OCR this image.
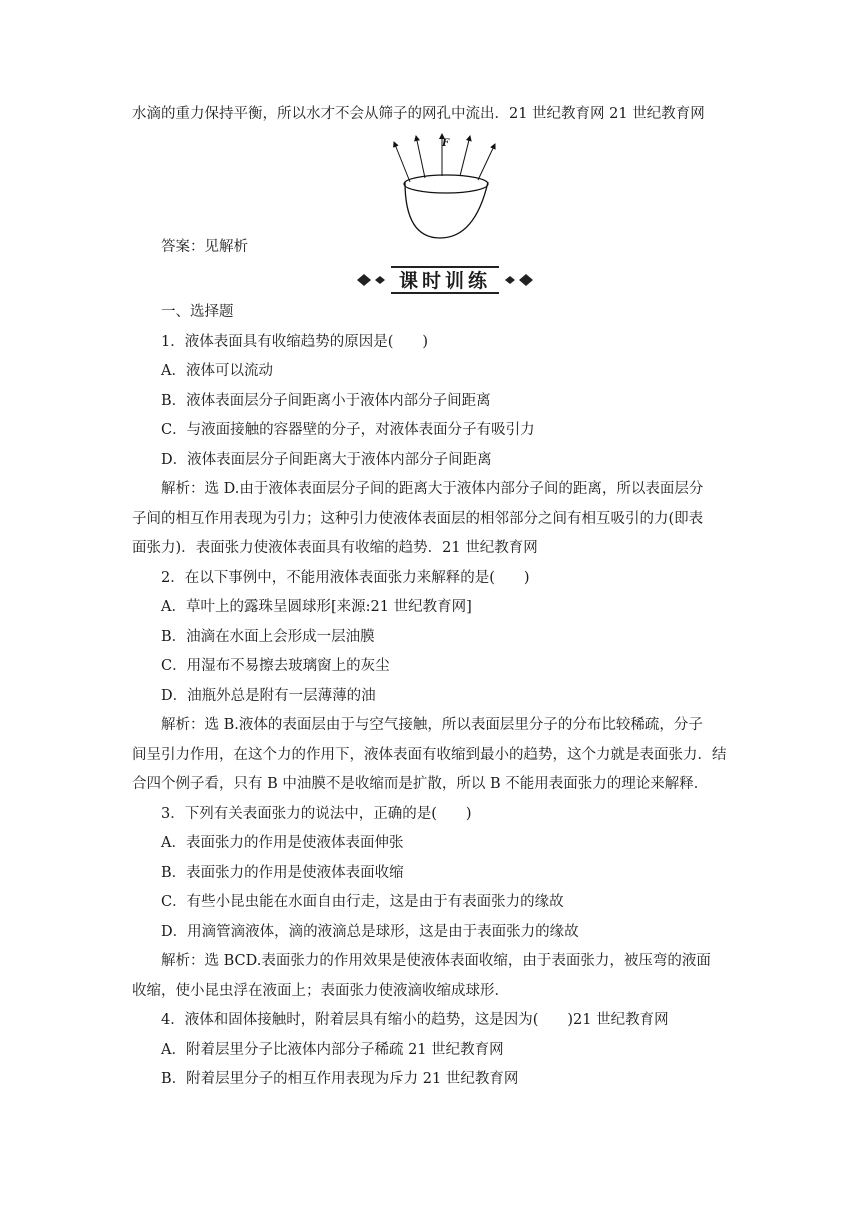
水滴的重力保持平衡，所以水才不会从筛子的网孔中流出．21 世纪教育网 21 世纪教育网
F
答案：见解析
课时训练
一、选择题
1．液体表面具有收缩趋势的原因是(　　)
A．液体可以流动
B．液体表面层分子间距离小于液体内部分子间距离
C．与液面接触的容器壁的分子，对液体表面分子有吸引力
D．液体表面层分子间距离大于液体内部分子间距离
解析：选 D.由于液体表面层分子间的距离大于液体内部分子间的距离，所以表面层分
子间的相互作用表现为引力；这种引力使液体表面层的相邻部分之间有相互吸引的力(即表
面张力)．表面张力使液体表面具有收缩的趋势．21 世纪教育网
2．在以下事例中，不能用液体表面张力来解释的是(　　)
A．草叶上的露珠呈圆球形[来源:21 世纪教育网]
B．油滴在水面上会形成一层油膜
C．用湿布不易擦去玻璃窗上的灰尘
D．油瓶外总是附有一层薄薄的油
解析：选 B.液体的表面层由于与空气接触，所以表面层里分子的分布比较稀疏，分子
间呈引力作用，在这个力的作用下，液体表面有收缩到最小的趋势，这个力就是表面张力．结
合四个例子看，只有 B 中油膜不是收缩而是扩散，所以 B 不能用表面张力的理论来解释．
3．下列有关表面张力的说法中，正确的是(　　)
A．表面张力的作用是使液体表面伸张
B．表面张力的作用是使液体表面收缩
C．有些小昆虫能在水面自由行走，这是由于有表面张力的缘故
D．用滴管滴液体，滴的液滴总是球形，这是由于表面张力的缘故
解析：选 BCD.表面张力的作用效果是使液体表面收缩，由于表面张力，被压弯的液面
收缩，使小昆虫浮在液面上；表面张力使液滴收缩成球形．
4．液体和固体接触时，附着层具有缩小的趋势，这是因为(　　)21 世纪教育网
A．附着层里分子比液体内部分子稀疏 21 世纪教育网
B．附着层里分子的相互作用表现为斥力 21 世纪教育网
